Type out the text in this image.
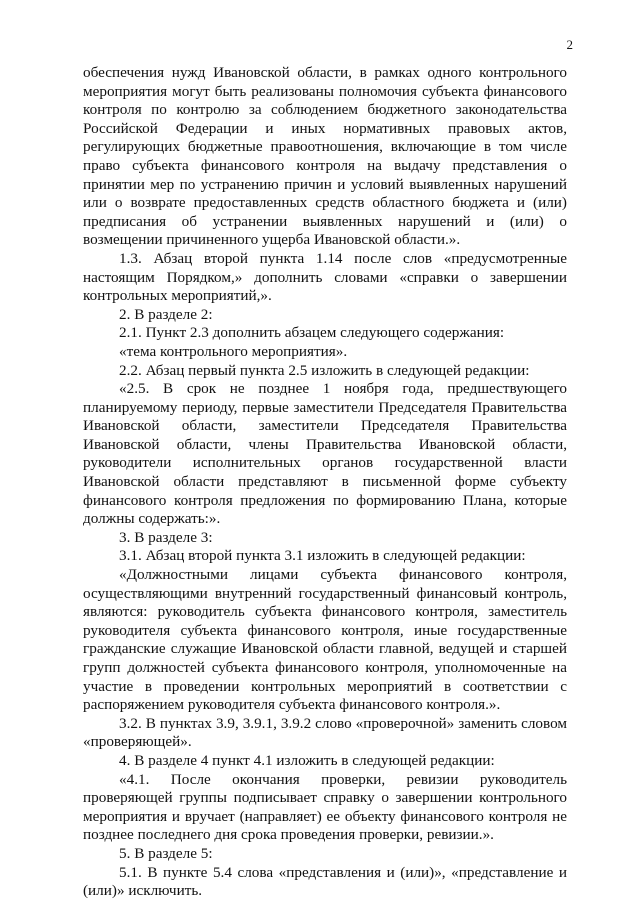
2

обеспечения нужд Ивановской области, в рамках одного контрольного мероприятия могут быть реализованы полномочия субъекта финансового контроля по контролю за соблюдением бюджетного законодательства Российской Федерации и иных нормативных правовых актов, регулирующих бюджетные правоотношения, включающие в том числе право субъекта финансового контроля на выдачу представления о принятии мер по устранению причин и условий выявленных нарушений или о возврате предоставленных средств областного бюджета и (или) предписания об устранении выявленных нарушений и (или) о возмещении причиненного ущерба Ивановской области.».

1.3. Абзац второй пункта 1.14 после слов «предусмотренные настоящим Порядком,» дополнить словами «справки о завершении контрольных мероприятий,».

2. В разделе 2:

2.1. Пункт 2.3 дополнить абзацем следующего содержания:

«тема контрольного мероприятия».

2.2. Абзац первый пункта 2.5 изложить в следующей редакции:

«2.5. В срок не позднее 1 ноября года, предшествующего планируемому периоду, первые заместители Председателя Правительства Ивановской области, заместители Председателя Правительства Ивановской области, члены Правительства Ивановской области, руководители исполнительных органов государственной власти Ивановской области представляют в письменной форме субъекту финансового контроля предложения по формированию Плана, которые должны содержать:».

3. В разделе 3:

3.1. Абзац второй пункта 3.1 изложить в следующей редакции:

«Должностными лицами субъекта финансового контроля, осуществляющими внутренний государственный финансовый контроль, являются: руководитель субъекта финансового контроля, заместитель руководителя субъекта финансового контроля, иные государственные гражданские служащие Ивановской области главной, ведущей и старшей групп должностей субъекта финансового контроля, уполномоченные на участие в проведении контрольных мероприятий в соответствии с распоряжением руководителя субъекта финансового контроля.».

3.2. В пунктах 3.9, 3.9.1, 3.9.2 слово «проверочной» заменить словом «проверяющей».

4. В разделе 4 пункт 4.1 изложить в следующей редакции:

«4.1. После окончания проверки, ревизии руководитель проверяющей группы подписывает справку о завершении контрольного мероприятия и вручает (направляет) ее объекту финансового контроля не позднее последнего дня срока проведения проверки, ревизии.».

5. В разделе 5:

5.1. В пункте 5.4 слова «представления и (или)», «представление и (или)» исключить.
